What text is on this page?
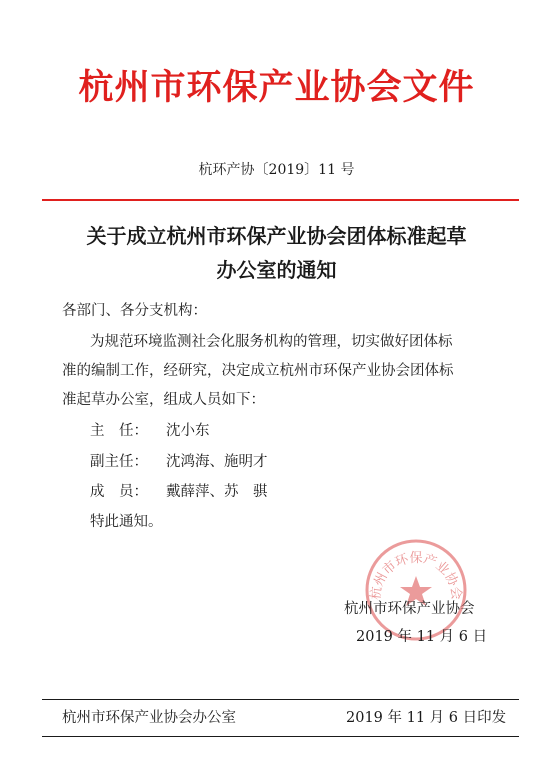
杭州市环保产业协会文件
杭环产协〔2019〕11 号
关于成立杭州市环保产业协会团体标准起草
办公室的通知
各部门、各分支机构：
为规范环境监测社会化服务机构的管理，切实做好团体标
准的编制工作，经研究，决定成立杭州市环保产业协会团体标
准起草办公室，组成人员如下：
主　任： 沈小东
副主任： 沈鸿海、施明才
成　员： 戴薛萍、苏　骐
特此通知。
杭州市环保产业协会
杭州市环保产业协会
2019 年 11 月 6 日
杭州市环保产业协会办公室	2019 年 11 月 6 日印发
